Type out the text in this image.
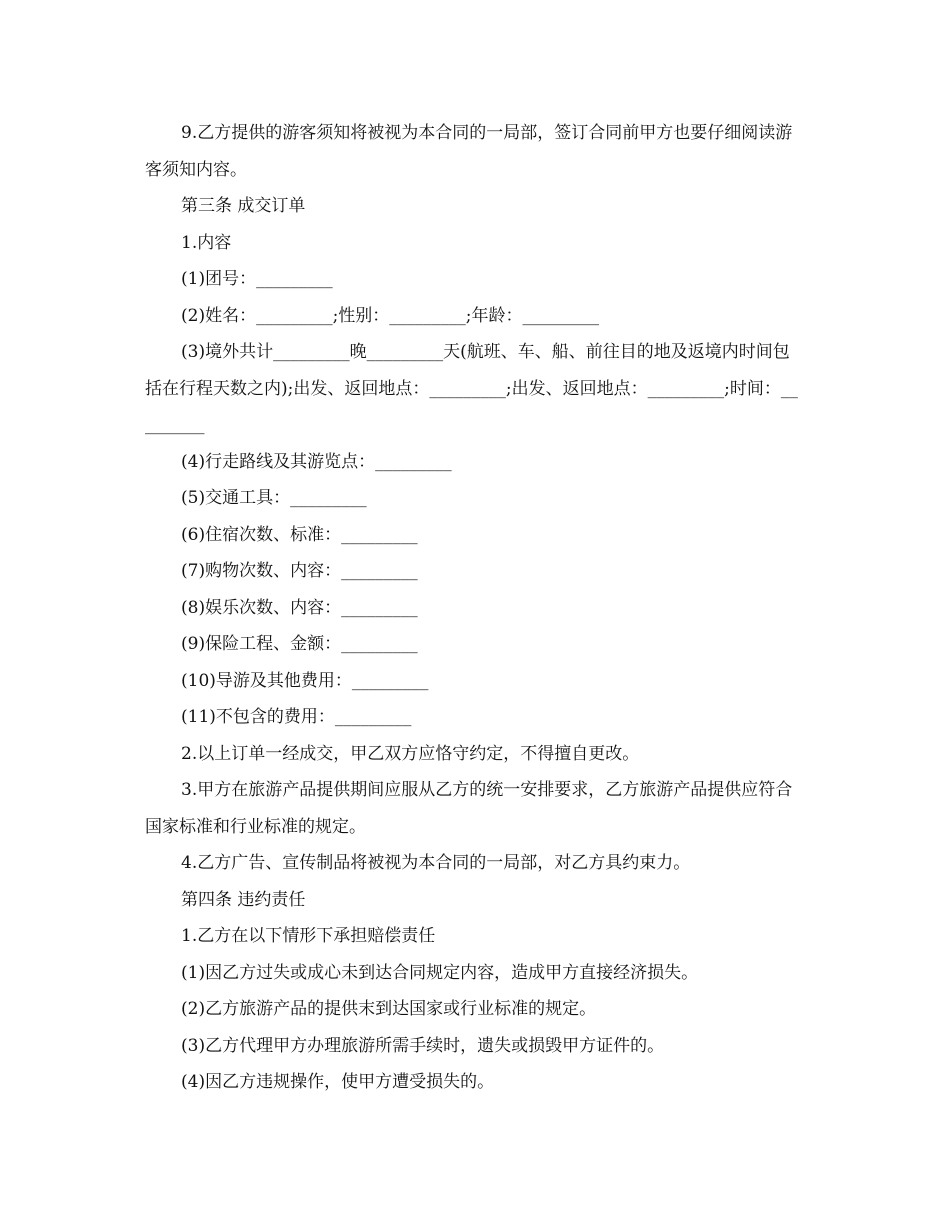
9.乙方提供的游客须知将被视为本合同的一局部，签订合同前甲方也要仔细阅读游客须知内容。

第三条 成交订单

1.内容

(1)团号：_________

(2)姓名：_________;性别：_________;年龄：_________

(3)境外共计_________晚_________天(航班、车、船、前往目的地及返境内时间包括在行程天数之内);出发、返回地点：_________;出发、返回地点：_________;时间：_________

(4)行走路线及其游览点：_________

(5)交通工具：_________

(6)住宿次数、标准：_________

(7)购物次数、内容：_________

(8)娱乐次数、内容：_________

(9)保险工程、金额：_________

(10)导游及其他费用：_________

(11)不包含的费用：_________

2.以上订单一经成交，甲乙双方应恪守约定，不得擅自更改。

3.甲方在旅游产品提供期间应服从乙方的统一安排要求，乙方旅游产品提供应符合国家标准和行业标准的规定。

4.乙方广告、宣传制品将被视为本合同的一局部，对乙方具约束力。

第四条 违约责任

1.乙方在以下情形下承担赔偿责任

(1)因乙方过失或成心未到达合同规定内容，造成甲方直接经济损失。

(2)乙方旅游产品的提供末到达国家或行业标准的规定。

(3)乙方代理甲方办理旅游所需手续时，遗失或损毁甲方证件的。

(4)因乙方违规操作，使甲方遭受损失的。
